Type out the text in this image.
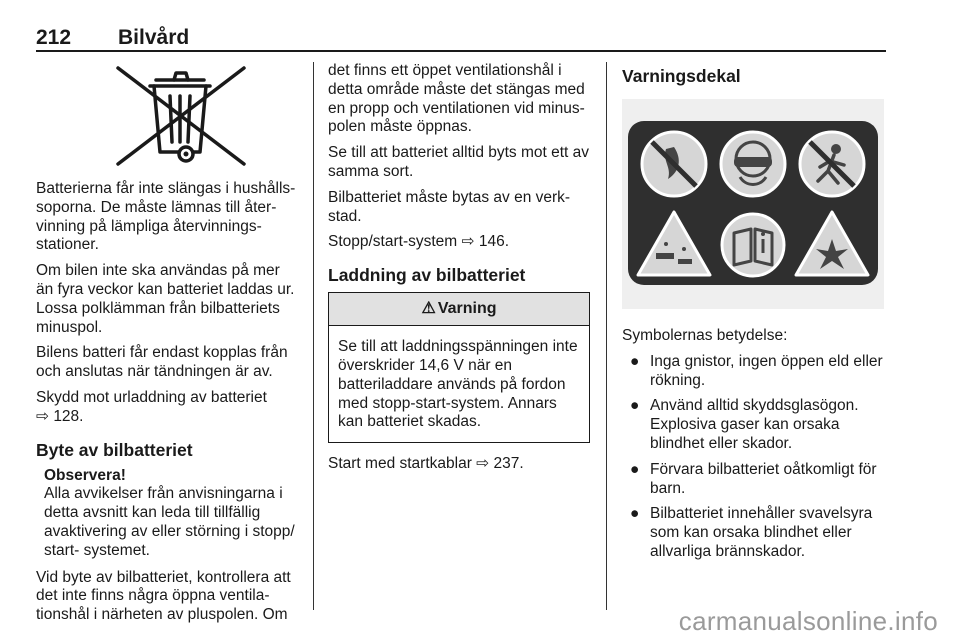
212 Bilvård

Batterierna får inte slängas i hushållssoporna. De måste lämnas till återvinning på lämpliga återvinningsstationer.

Om bilen inte ska användas på mer än fyra veckor kan batteriet laddas ur. Lossa polklämman från bilbatteriets minuspol.

Bilens batteri får endast kopplas från och anslutas när tändningen är av.

Skydd mot urladdning av batteriet
⇨ 128.

Byte av bilbatteriet
Observera!
Alla avvikelser från anvisningarna i detta avsnitt kan leda till tillfällig avaktivering av eller störning i stopp/ start- systemet.

Vid byte av bilbatteriet, kontrollera att det inte finns några öppna ventilationshål i närheten av pluspolen. Om

det finns ett öppet ventilationshål i detta område måste det stängas med en propp och ventilationen vid minuspolen måste öppnas.

Se till att batteriet alltid byts mot ett av samma sort.

Bilbatteriet måste bytas av en verkstad.

Stopp/start-system ⇨ 146.

Laddning av bilbatteriet
⚠ Varning
Se till att laddningsspänningen inte överskrider 14,6 V när en batteriladdare används på fordon med stopp-start-system. Annars kan batteriet skadas.

Start med startkablar ⇨ 237.

Varningsdekal

Symbolernas betydelse:

● Inga gnistor, ingen öppen eld eller rökning.
● Använd alltid skyddsglasögon. Explosiva gaser kan orsaka blindhet eller skador.
● Förvara bilbatteriet oåtkomligt för barn.
● Bilbatteriet innehåller svavelsyra som kan orsaka blindhet eller allvarliga brännskador.
carmanualsonline.info
